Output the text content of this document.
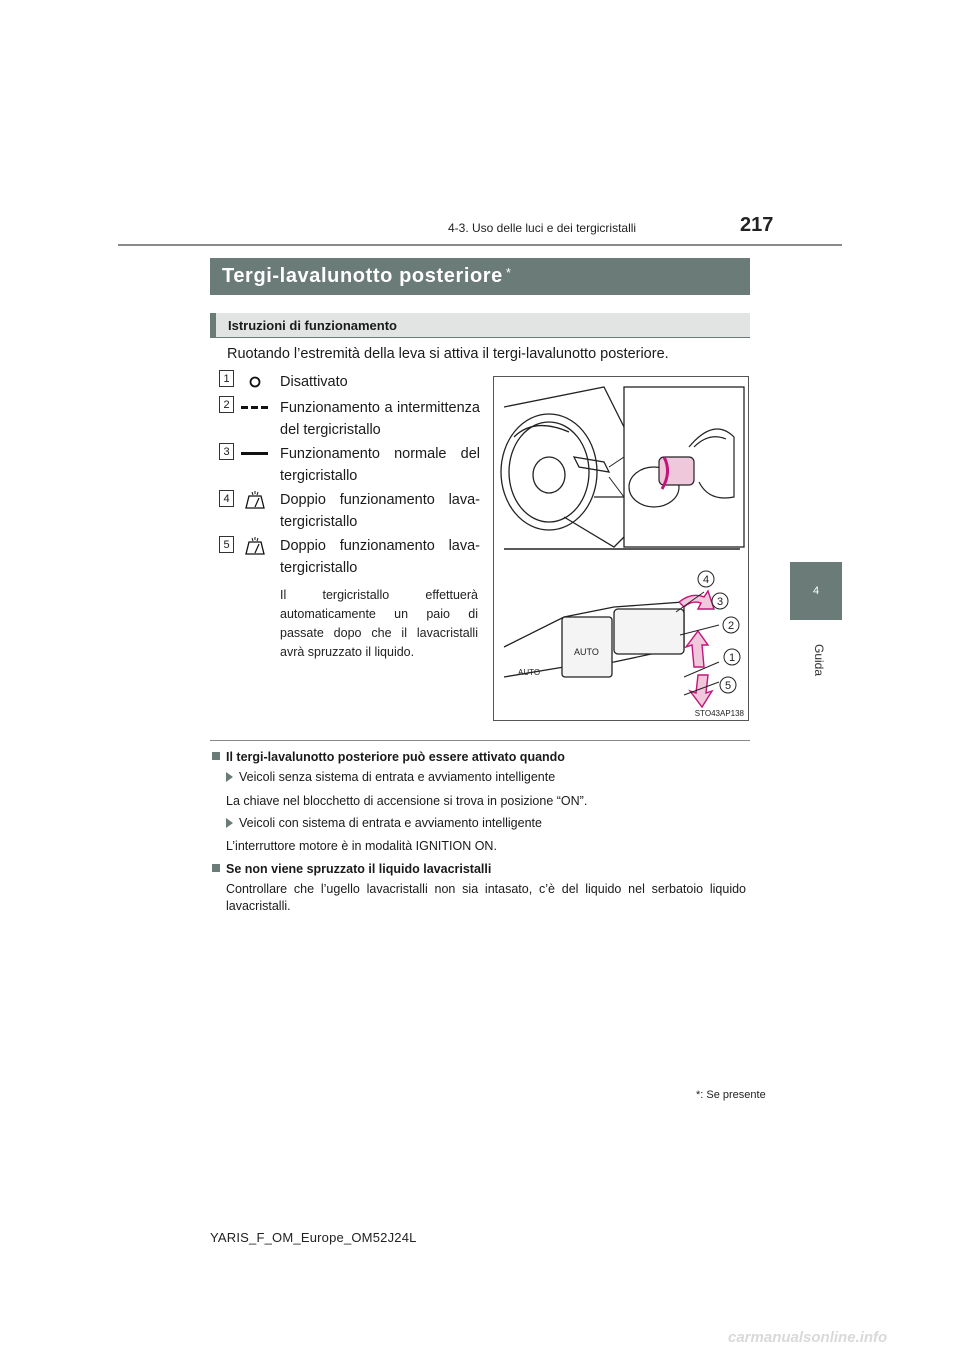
4-3. Uso delle luci e dei tergicristalli	217
4
Guida
Tergi-lavalunotto posteriore*
Istruzioni di funzionamento
Ruotando l’estremità della leva si attiva il tergi-lavalunotto posteriore.
1	Disattivato
2	Funzionamento a intermittenza del tergicristallo
3	Funzionamento normale del tergicristallo
4	Doppio funzionamento lava-tergicristallo
5	Doppio funzionamento lava-tergicristallo
Il tergicristallo effettuerà automaticamente un paio di passate dopo che il lavacristalli avrà spruzzato il liquido.	AUTO
AUTO
4
3
2
1
5
STO43AP138
Il tergi-lavalunotto posteriore può essere attivato quando
Veicoli senza sistema di entrata e avviamento intelligente
La chiave nel blocchetto di accensione si trova in posizione “ON”.
Veicoli con sistema di entrata e avviamento intelligente
L’interruttore motore è in modalità IGNITION ON.
Se non viene spruzzato il liquido lavacristalli
Controllare che l’ugello lavacristalli non sia intasato, c’è del liquido nel serbatoio liquido lavacristalli.
*: Se presente
YARIS_F_OM_Europe_OM52J24L
carmanualsonline.info
